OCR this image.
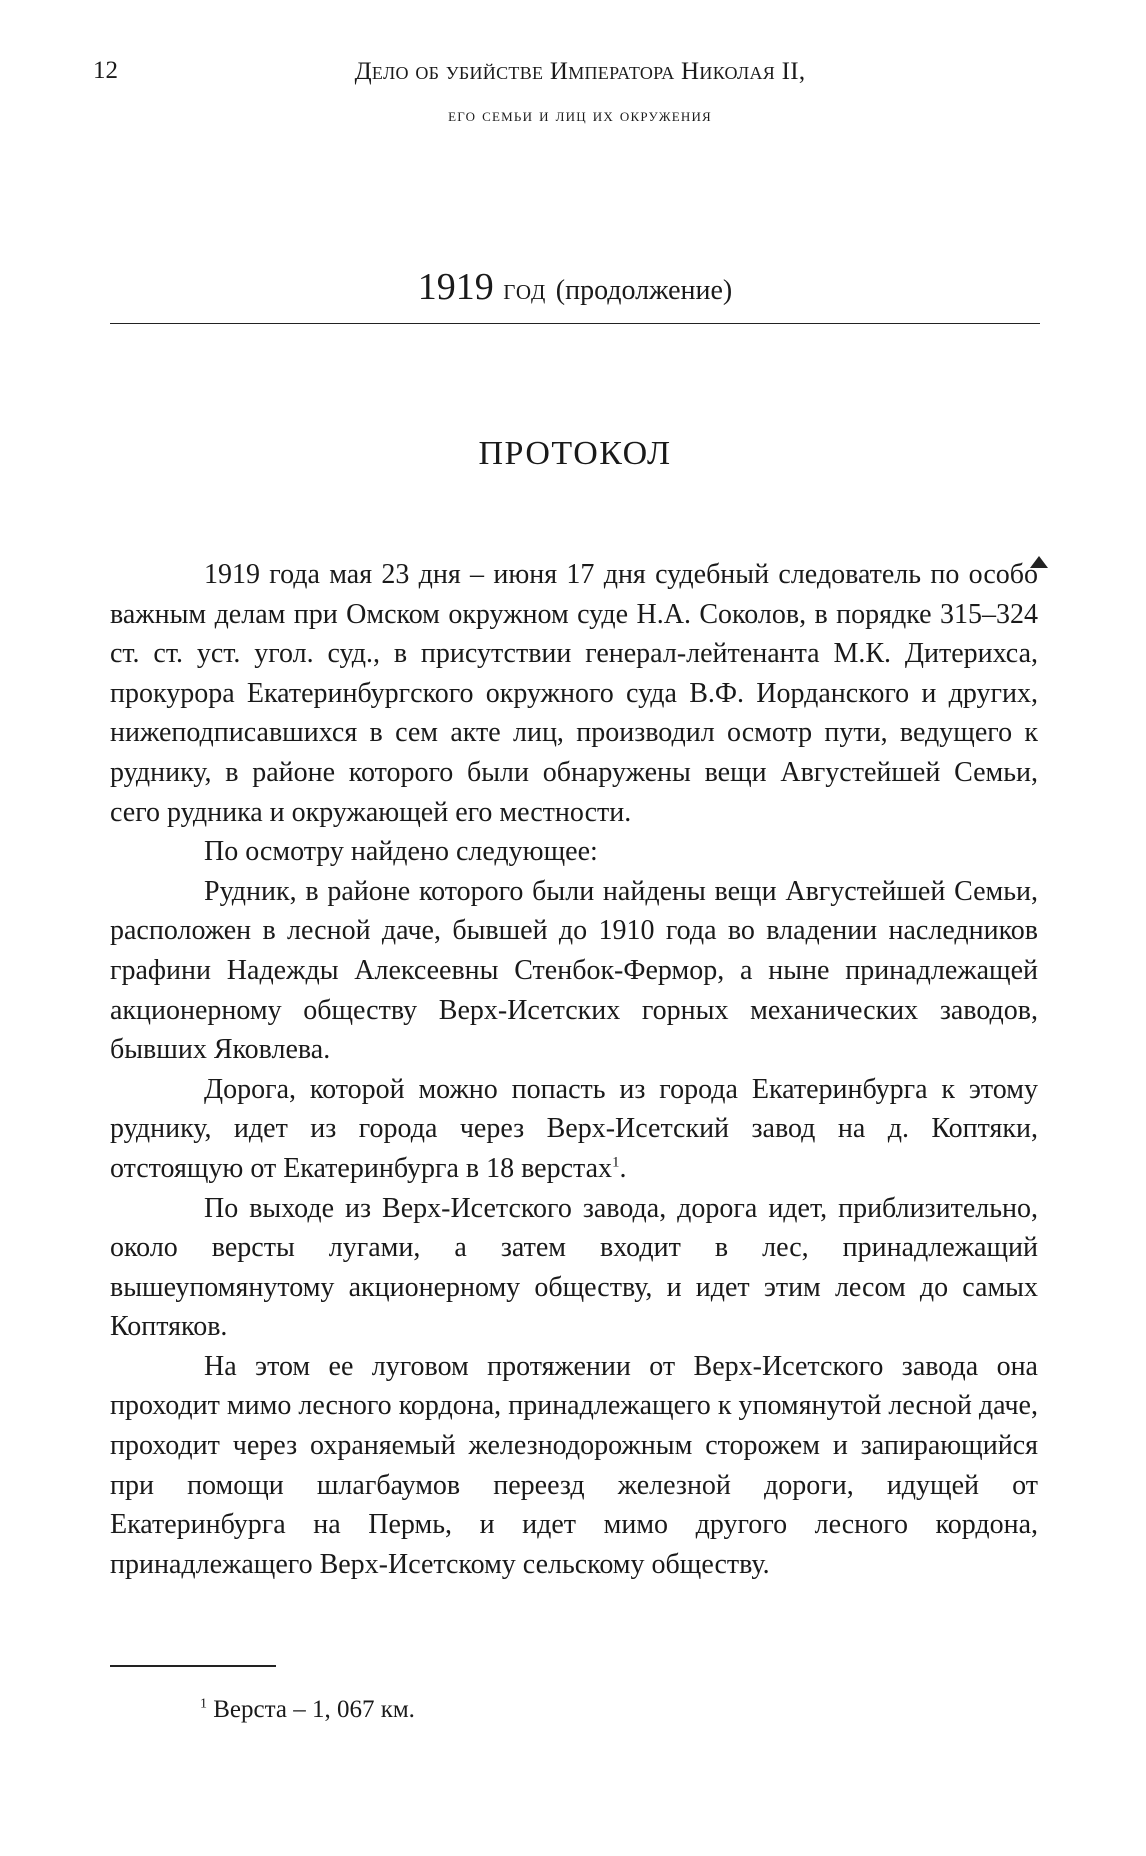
12	Дело об убийстве Императора Николая II,
его семьи и лиц их окружения
1919 год (продолжение)
ПРОТОКОЛ

1919 года мая 23 дня – июня 17 дня судебный следователь по особо важным делам при Омском окружном суде Н.А. Соколов, в порядке 315–324 ст. ст. уст. угол. суд., в присутствии генерал-лейтенанта М.К. Дитерихса, прокурора Екатеринбургского окружного суда В.Ф. Иорданского и других, нижеподписавшихся в сем акте лиц, производил осмотр пути, ведущего к руднику, в районе которого были обнаружены вещи Августейшей Семьи, сего рудника и окружающей его местности.

По осмотру найдено следующее:

Рудник, в районе которого были найдены вещи Августейшей Семьи, расположен в лесной даче, бывшей до 1910 года во владении наследников графини Надежды Алексеевны Стенбок-Фермор, а ныне принадлежащей акционерному обществу Верх-Исетских горных механических заводов, бывших Яковлева.

Дорога, которой можно попасть из города Екатеринбурга к этому руднику, идет из города через Верх-Исетский завод на д. Коптяки, отстоящую от Екатеринбурга в 18 верстах$^1$.

По выходе из Верх-Исетского завода, дорога идет, приблизительно, около версты лугами, а затем входит в лес, принадлежащий вышеупомянутому акционерному обществу, и идет этим лесом до самых Коптяков.

На этом ее луговом протяжении от Верх-Исетского завода она проходит мимо лесного кордона, принадлежащего к упомянутой лесной даче, проходит через охраняемый железнодорожным сторожем и запирающийся при помощи шлагбаумов переезд железной дороги, идущей от Екатеринбурга на Пермь, и идет мимо другого лесного кордона, принадлежащего Верх-Исетскому сельскому обществу.

$^1$ Верста – 1, 067 км.
